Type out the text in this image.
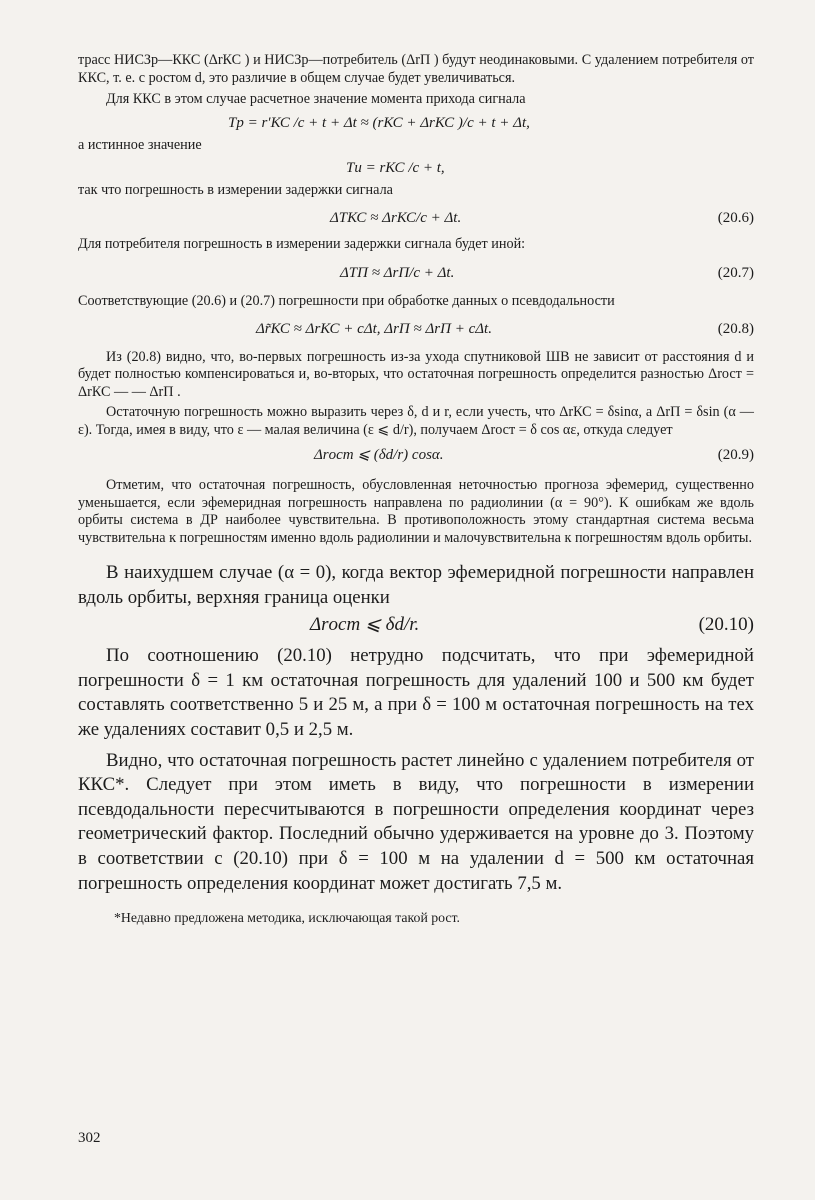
трасс НИСЗр—ККС (ΔrКС ) и НИСЗр—потребитель (ΔrП ) будут неодинаковыми. С удалением потребителя от ККС, т. е. с ростом d, это различие в общем случае будет увеличиваться.

Для ККС в этом случае расчетное значение момента прихода сигнала

Tр = r′КС /c + t + Δt ≈ (rКС + ΔrКС )/c + t + Δt,

а истинное значение

Tи = rКС /c + t,

так что погрешность в измерении задержки сигнала

ΔTКС ≈ ΔrКС/c + Δt.	(20.6)

Для потребителя погрешность в измерении задержки сигнала будет иной:

ΔTП ≈ ΔrП/c + Δt.	(20.7)

Соответствующие (20.6) и (20.7) погрешности при обработке данных о псевдодальности

Δr̃КС ≈ ΔrКС + cΔt, ΔrП ≈ ΔrП + cΔt.	(20.8)

Из (20.8) видно, что, во-первых погрешность из-за ухода спутниковой ШВ не зависит от расстояния d и будет полностью компенсироваться и, во-вторых, что остаточная погрешность определится разностью Δrост = ΔrКС — — ΔrП .

Остаточную погрешность можно выразить через δ, d и r, если учесть, что ΔrКС = δsinα, а ΔrП = δsin (α — ε). Тогда, имея в виду, что ε — малая величина (ε ⩽ d/r), получаем Δrост = δ cos αε, откуда следует

Δrост ⩽ (δd/r) cosα.	(20.9)

Отметим, что остаточная погрешность, обусловленная неточностью прогноза эфемерид, существенно уменьшается, если эфемеридная погрешность направлена по радиолинии (α = 90°). К ошибкам же вдоль орбиты система в ДР наиболее чувствительна. В противоположность этому стандартная система весьма чувствительна к погрешностям именно вдоль радиолинии и малочувствительна к погрешностям вдоль орбиты.

В наихудшем случае (α = 0), когда вектор эфемеридной погрешности направлен вдоль орбиты, верхняя граница оценки

Δrост ⩽ δd/r.	(20.10)

По соотношению (20.10) нетрудно подсчитать, что при эфемеридной погрешности δ = 1 км остаточная погрешность для удалений 100 и 500 км будет составлять соответственно 5 и 25 м, а при δ = 100 м остаточная погрешность на тех же удалениях составит 0,5 и 2,5 м.

Видно, что остаточная погрешность растет линейно с удалением потребителя от ККС*. Следует при этом иметь в виду, что погрешности в измерении псевдодальности пересчитываются в погрешности определения координат через геометрический фактор. Последний обычно удерживается на уровне до 3. Поэтому в соответствии с (20.10) при δ = 100 м на удалении d = 500 км остаточная погрешность определения координат может достигать 7,5 м.

*Недавно предложена методика, исключающая такой рост.
302
